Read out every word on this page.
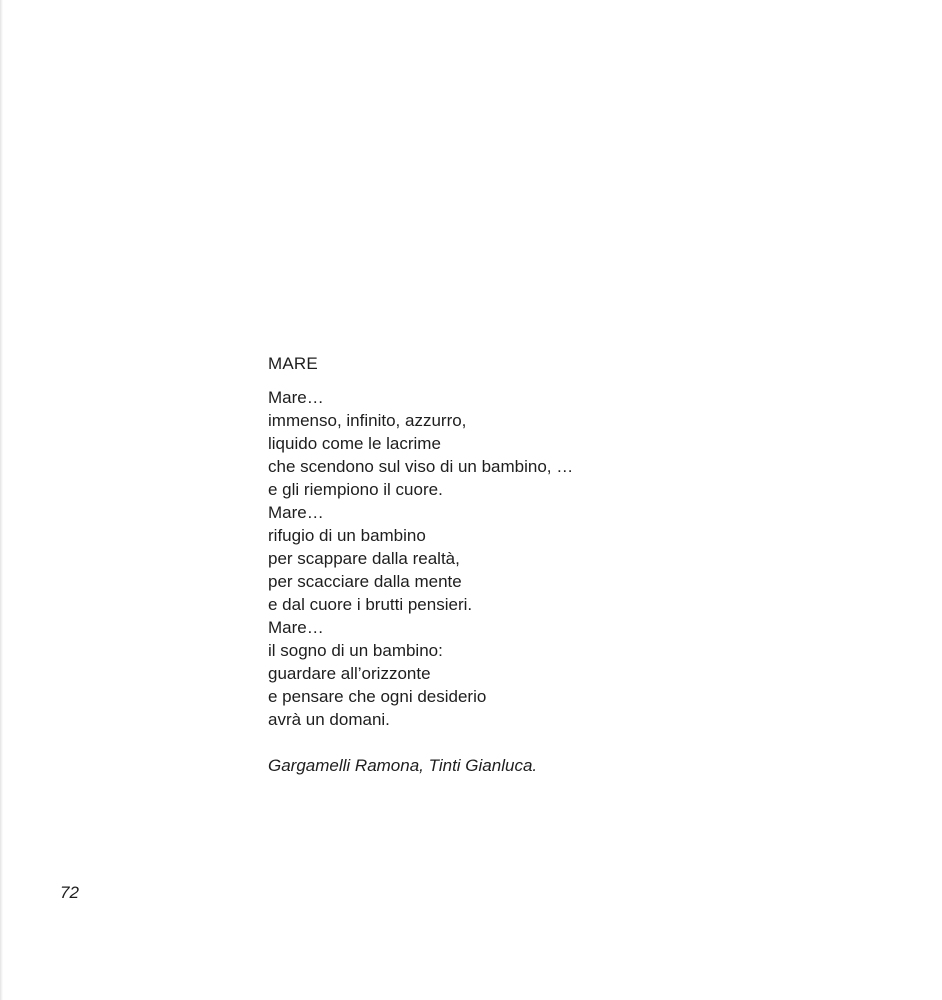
MARE

Mare…

immenso, infinito, azzurro,

liquido come le lacrime

che scendono sul viso di un bambino, …

e gli riempiono il cuore.

Mare…

rifugio di un bambino

per scappare dalla realtà,

per scacciare dalla mente

e dal cuore i brutti pensieri.

Mare…

il sogno di un bambino:

guardare all’orizzonte

e pensare che ogni desiderio

avrà un domani.

Gargamelli Ramona, Tinti Gianluca.
72
